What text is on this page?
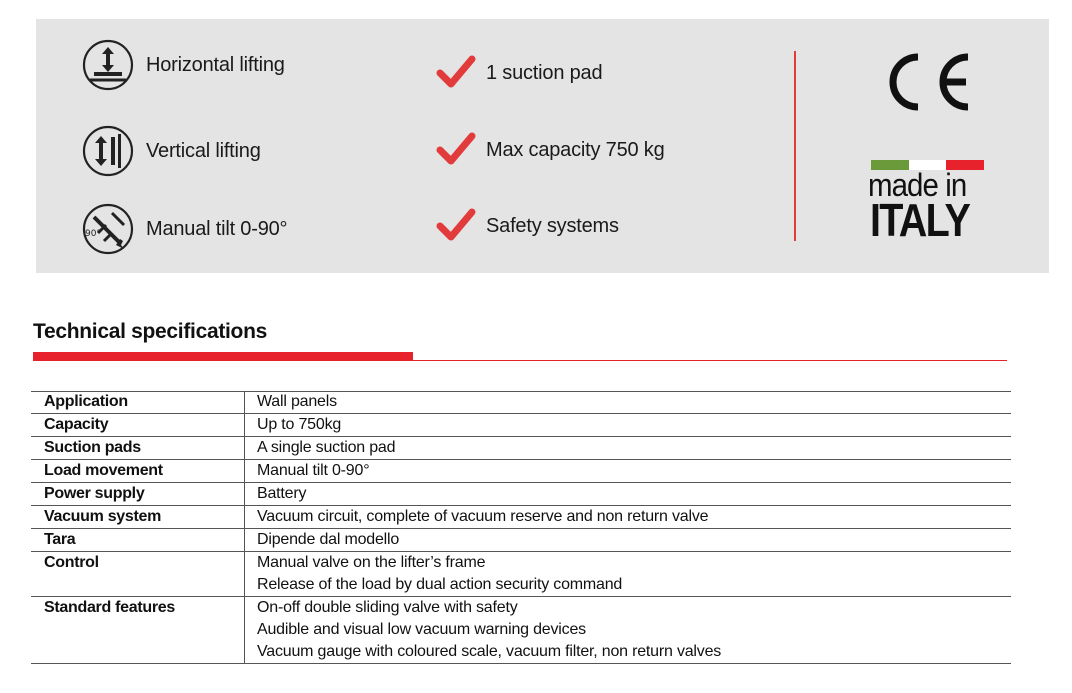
Horizontal lifting
Vertical lifting
90° Manual tilt 0-90°
1 suction pad
Max capacity 750 kg
Safety systems
made in
ITALY
Technical specifications
Application	Wall panels

Capacity	Up to 750kg

Suction pads	A single suction pad

Load movement	Manual tilt 0-90°

Power supply	Battery

Vacuum system	Vacuum circuit, complete of vacuum reserve and non return valve

Tara	Dipende dal modello

Control	Manual valve on the lifter’s frame
Release of the load by dual action security command

Standard features	On-off double sliding valve with safety
Audible and visual low vacuum warning devices
Vacuum gauge with coloured scale, vacuum filter, non return valves
